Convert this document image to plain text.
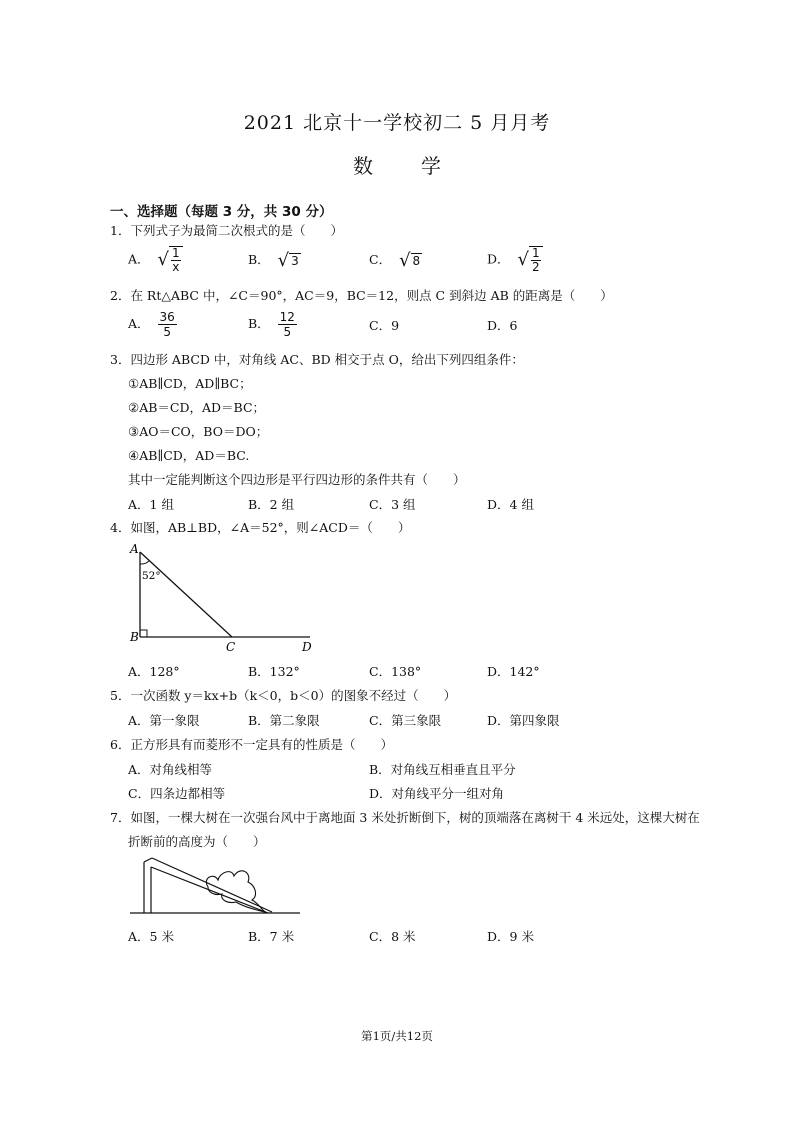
2021 北京十一学校初二 5 月月考
数 学
一、选择题（每题 3 分，共 30 分）
1．下列式子为最简二次根式的是（　　）
A． √ $\frac{1}{x}$	B． √ 3	C． √ 8	D． √ $\frac{1}{2}$
2．在 Rt△ABC 中，∠C＝90°，AC＝9，BC＝12，则点 C 到斜边 AB 的距离是（　　）
A． $\frac{36}{5}$	B． $\frac{12}{5}$	C．9	D．6
3．四边形 ABCD 中，对角线 AC、BD 相交于点 O，给出下列四组条件：
①AB∥CD，AD∥BC；
②AB＝CD，AD＝BC；
③AO＝CO，BO＝DO；
④AB∥CD，AD＝BC.
其中一定能判断这个四边形是平行四边形的条件共有（　　）
A．1 组	B．2 组	C．3 组	D．4 组
4．如图，AB⊥BD，∠A＝52°，则∠ACD＝（　　）
A
B
C	D
52°
A．128°	B．132°	C．138°	D．142°
5．一次函数 y＝kx+b（k＜0，b＜0）的图象不经过（　　）
A．第一象限	B．第二象限	C．第三象限	D．第四象限
6．正方形具有而菱形不一定具有的性质是（　　）
A．对角线相等	B．对角线互相垂直且平分
C．四条边都相等	D．对角线平分一组对角
7．如图，一棵大树在一次强台风中于离地面 3 米处折断倒下，树的顶端落在离树干 4 米远处，这棵大树在
折断前的高度为（　　）
A．5 米	B．7 米	C．8 米	D．9 米
第1页/共12页
